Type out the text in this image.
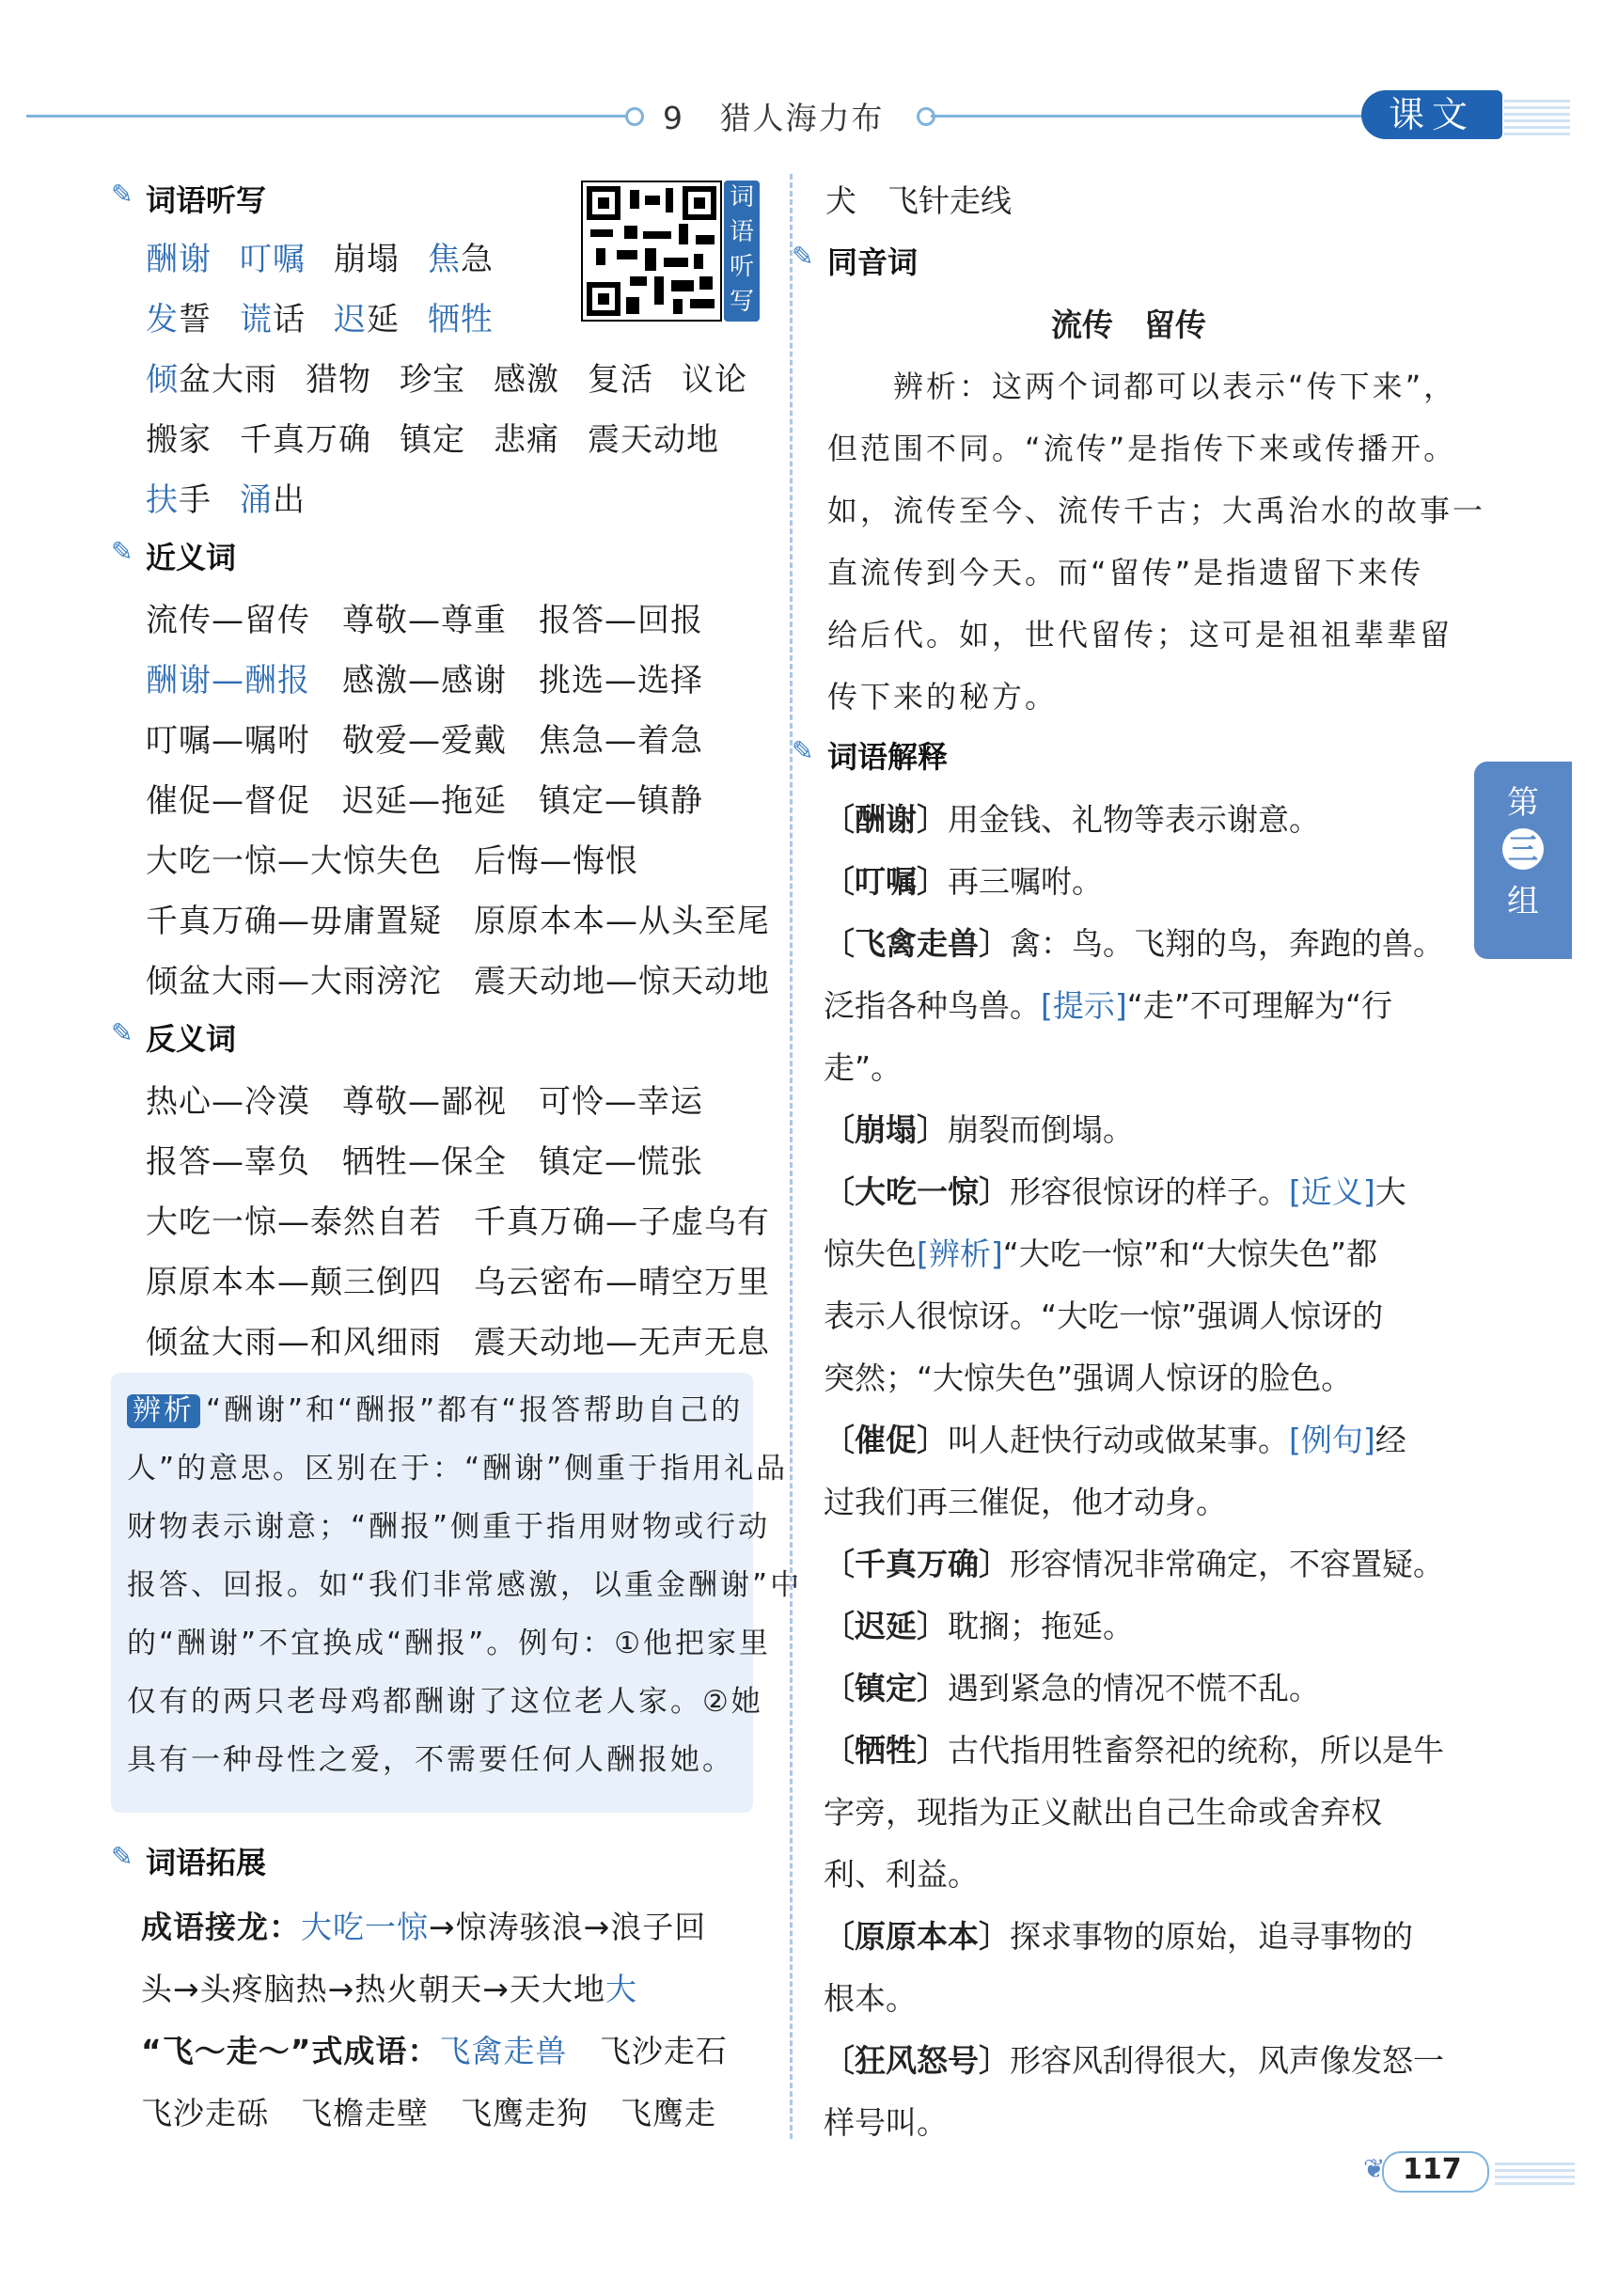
9 猎人海力布	课文
✎ 词语听写	词
语
听
写
酬谢 叮嘱 崩塌 焦急
发誓 谎话 迟延 牺牲
倾盆大雨 猎物 珍宝 感激 复活 议论
搬家 千真万确 镇定 悲痛 震天动地
扶手 涌出
✎ 近义词
流传—留传 尊敬—尊重 报答—回报
酬谢—酬报 感激—感谢 挑选—选择
叮嘱—嘱咐 敬爱—爱戴 焦急—着急
催促—督促 迟延—拖延 镇定—镇静
大吃一惊—大惊失色 后悔—悔恨
千真万确—毋庸置疑 原原本本—从头至尾
倾盆大雨—大雨滂沱 震天动地—惊天动地
✎ 反义词
热心—冷漠 尊敬—鄙视 可怜—幸运
报答—辜负 牺牲—保全 镇定—慌张
大吃一惊—泰然自若 千真万确—子虚乌有
原原本本—颠三倒四 乌云密布—晴空万里
倾盆大雨—和风细雨 震天动地—无声无息
辨析 “酬谢”和“酬报”都有“报答帮助自己的
人”的意思。区别在于：“酬谢”侧重于指用礼品
财物表示谢意；“酬报”侧重于指用财物或行动
报答、回报。如“我们非常感激，以重金酬谢”中
的“酬谢”不宜换成“酬报”。例句：①他把家里
仅有的两只老母鸡都酬谢了这位老人家。②她
具有一种母性之爱，不需要任何人酬报她。
✎ 词语拓展
成语接龙：大吃一惊→惊涛骇浪→浪子回
头→头疼脑热→热火朝天→天大地大
“飞～走～”式成语：飞禽走兽 飞沙走石
飞沙走砾　飞檐走壁　飞鹰走狗　飞鹰走
犬　飞针走线
✎ 同音词
流传　留传
辨析：这两个词都可以表示“传下来”，
但范围不同。“流传”是指传下来或传播开。
如，流传至今、流传千古；大禹治水的故事一
直流传到今天。而“留传”是指遗留下来传
给后代。如，世代留传；这可是祖祖辈辈留
传下来的秘方。
✎ 词语解释
〔酬谢〕用金钱、礼物等表示谢意。
〔叮嘱〕再三嘱咐。
〔飞禽走兽〕禽：鸟。飞翔的鸟，奔跑的兽。
泛指各种鸟兽。[提示]“走”不可理解为“行
走”。
〔崩塌〕崩裂而倒塌。
〔大吃一惊〕形容很惊讶的样子。[近义]大
惊失色[辨析]“大吃一惊”和“大惊失色”都
表示人很惊讶。“大吃一惊”强调人惊讶的
突然；“大惊失色”强调人惊讶的脸色。
〔催促〕叫人赶快行动或做某事。[例句]经
过我们再三催促，他才动身。
〔千真万确〕形容情况非常确定，不容置疑。
〔迟延〕耽搁；拖延。
〔镇定〕遇到紧急的情况不慌不乱。
〔牺牲〕古代指用牲畜祭祀的统称，所以是牛
字旁，现指为正义献出自己生命或舍弃权
利、利益。
〔原原本本〕探求事物的原始，追寻事物的
根本。
〔狂风怒号〕形容风刮得很大，风声像发怒一
样号叫。
第
三
组
❦ 117
